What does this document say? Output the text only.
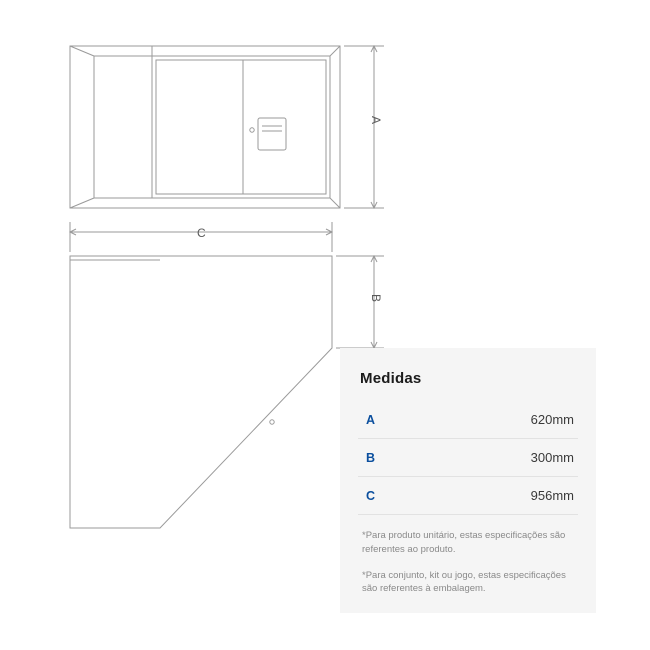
A
C
B
Medidas
A	620mm
B	300mm
C	956mm
*Para produto unitário, estas especificações são referentes ao produto.
*Para conjunto, kit ou jogo, estas especificações são referentes à embalagem.
